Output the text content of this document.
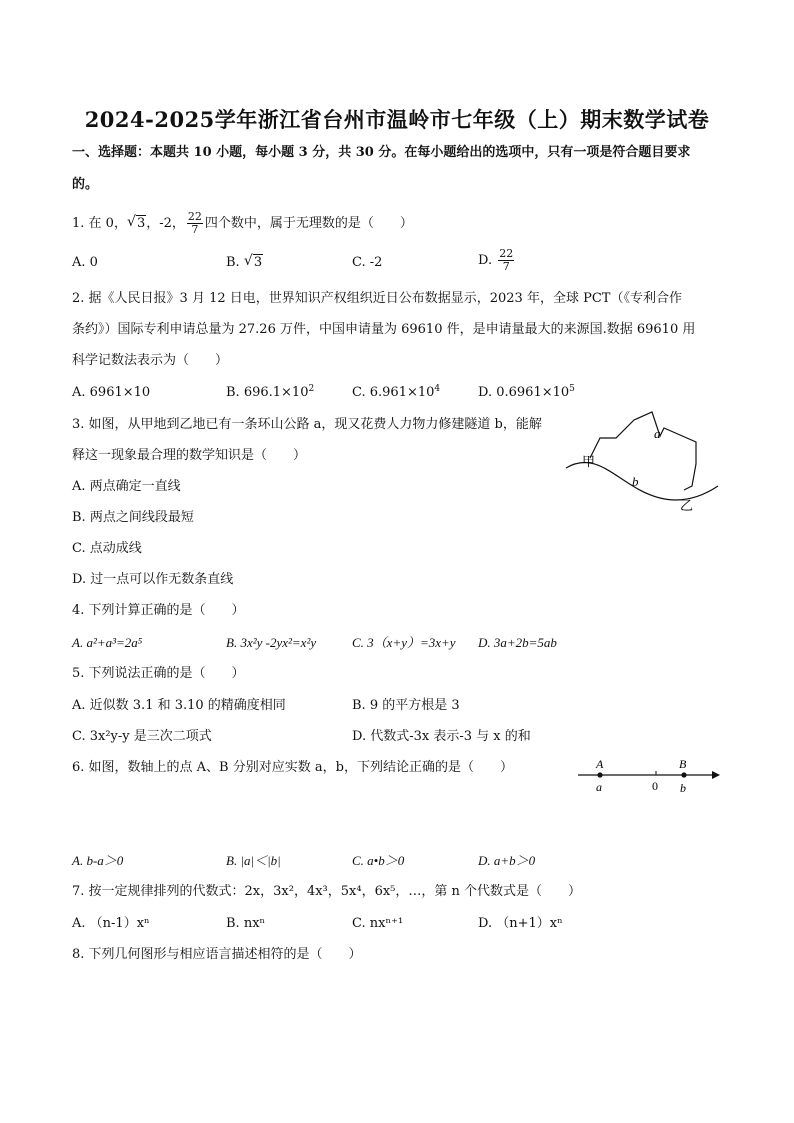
2024-2025学年浙江省台州市温岭市七年级（上）期末数学试卷
一、选择题：本题共 10 小题，每小题 3 分，共 30 分。在每小题给出的选项中，只有一项是符合题目要求
的。
1. 在 0， √ 3，-2， $\frac{22}{7}$ 四个数中，属于无理数的是（　　）
A. 0	B. √ 3	C. -2	D. $\frac{22}{7}$
2. 据《人民日报》3 月 12 日电，世界知识产权组织近日公布数据显示，2023 年，全球 PCT（《专利合作
条约》）国际专利申请总量为 27.26 万件，中国申请量为 69610 件，是申请量最大的来源国.数据 69610 用
科学记数法表示为（　　）
A. 6961×10	B. $696.1\times 10^2$	C. $6.961\times 10^4$	D. $0.6961\times 10^5$
3. 如图，从甲地到乙地已有一条环山公路 a，现又花费人力物力修建隧道 b，能解
释这一现象最合理的数学知识是（　　）
A. 两点确定一直线
B. 两点之间线段最短
C. 点动成线
D. 过一点可以作无数条直线
a
b
甲
乙
4. 下列计算正确的是（　　）
A. a²+a³=2a⁵	B. 3x²y -2yx²=x²y	C. 3（x+y）=3x+y D. 3a+2b=5ab
5. 下列说法正确的是（　　）
A. 近似数 3.1 和 3.10 的精确度相同	B. 9 的平方根是 3
C. 3x²y-y 是三次二项式	D. 代数式-3x 表示-3 与 x 的和
6. 如图，数轴上的点 A、B 分别对应实数 a，b，下列结论正确的是（　　）	A	B
a	0 b
A. b-a＞0	B. |a|＜|b|	C. a•b＞0	D. a+b＞0
7. 按一定规律排列的代数式：2x，3x²，4x³，5x⁴，6x⁵，…，第 n 个代数式是（　　）
A. （n-1）xⁿ	B. nxⁿ	C. nxⁿ⁺¹	D. （n+1）xⁿ
8. 下列几何图形与相应语言描述相符的是（　　）
